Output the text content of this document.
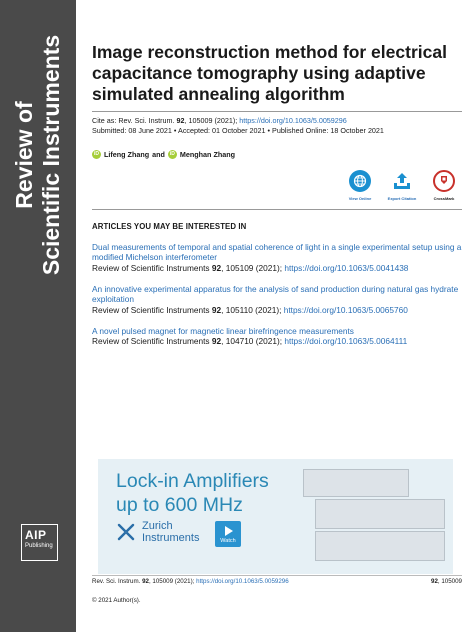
Review of Scientific Instruments
AIP
Publishing
Image reconstruction method for electrical capacitance tomography using adaptive simulated annealing algorithm
Cite as: Rev. Sci. Instrum. 92, 105009 (2021); https://doi.org/10.1063/5.0059296
Submitted: 08 June 2021 • Accepted: 01 October 2021 • Published Online: 18 October 2021
iD Lifeng Zhang and	iD Menghan Zhang
View Online	Export Citation	CrossMark
ARTICLES YOU MAY BE INTERESTED IN
Dual measurements of temporal and spatial coherence of light in a single experimental setup using a modified Michelson interferometer
Review of Scientific Instruments 92, 105109 (2021); https://doi.org/10.1063/5.0041438
An innovative experimental apparatus for the analysis of sand production during natural gas hydrate exploitation
Review of Scientific Instruments 92, 105110 (2021); https://doi.org/10.1063/5.0065760
A novel pulsed magnet for magnetic linear birefringence measurements
Review of Scientific Instruments 92, 104710 (2021); https://doi.org/10.1063/5.0064111
Lock-in Amplifiers
up to 600 MHz
Zurich
Instruments	Watch
Rev. Sci. Instrum. 92, 105009 (2021); https://doi.org/10.1063/5.0059296	92, 105009
© 2021 Author(s).
